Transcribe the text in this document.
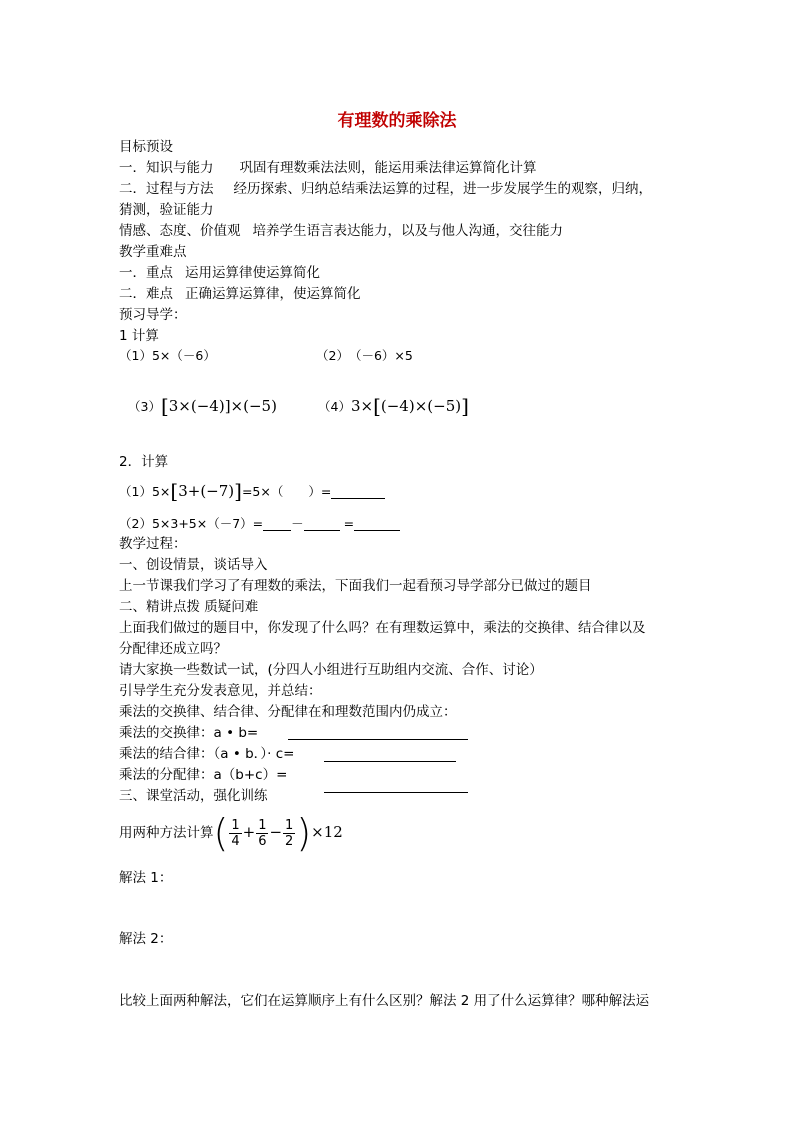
有理数的乘除法
目标预设
一．知识与能力 巩固有理数乘法法则，能运用乘法律运算简化计算
二．过程与方法 经历探索、归纳总结乘法运算的过程，进一步发展学生的观察，归纳，
猜测，验证能力
情感、态度、价值观 培养学生语言表达能力，以及与他人沟通，交往能力
教学重难点
一．重点 运用运算律使运算简化
二．难点 正确运算运算律，使运算简化
预习导学：
1 计算
（1）5×（－6）	（2）　（－6）×5
（3）[3×(−4)]×(−5)	（4）3×[(−4)×(−5)]
2．计算
（1）5×[3+(−7)]=5×（　　）=
（2）5×3+5×（－7）= －	=
教学过程：
一、创设情景，谈话导入
上一节课我们学习了有理数的乘法，下面我们一起看预习导学部分已做过的题目
二、精讲点拨 质疑问难
上面我们做过的题目中，你发现了什么吗？在有理数运算中，乘法的交换律、结合律以及
分配律还成立吗？
请大家换一些数试一试，(分四人小组进行互助组内交流、合作、讨论）
引导学生充分发表意见，并总结：
乘法的交换律、结合律、分配律在和理数范围内仍成立：
乘法的交换律：a • b=
乘法的结合律：（a • b．）· c=
乘法的分配律：a（b+c）=
三、课堂活动，强化训练
用两种方法计算( $\frac{1}{4} + \frac{1}{6} - \frac{1}{2} )\times 12$
解法 1：
解法 2：
比较上面两种解法，它们在运算顺序上有什么区别？解法 2 用了什么运算律？哪种解法运
